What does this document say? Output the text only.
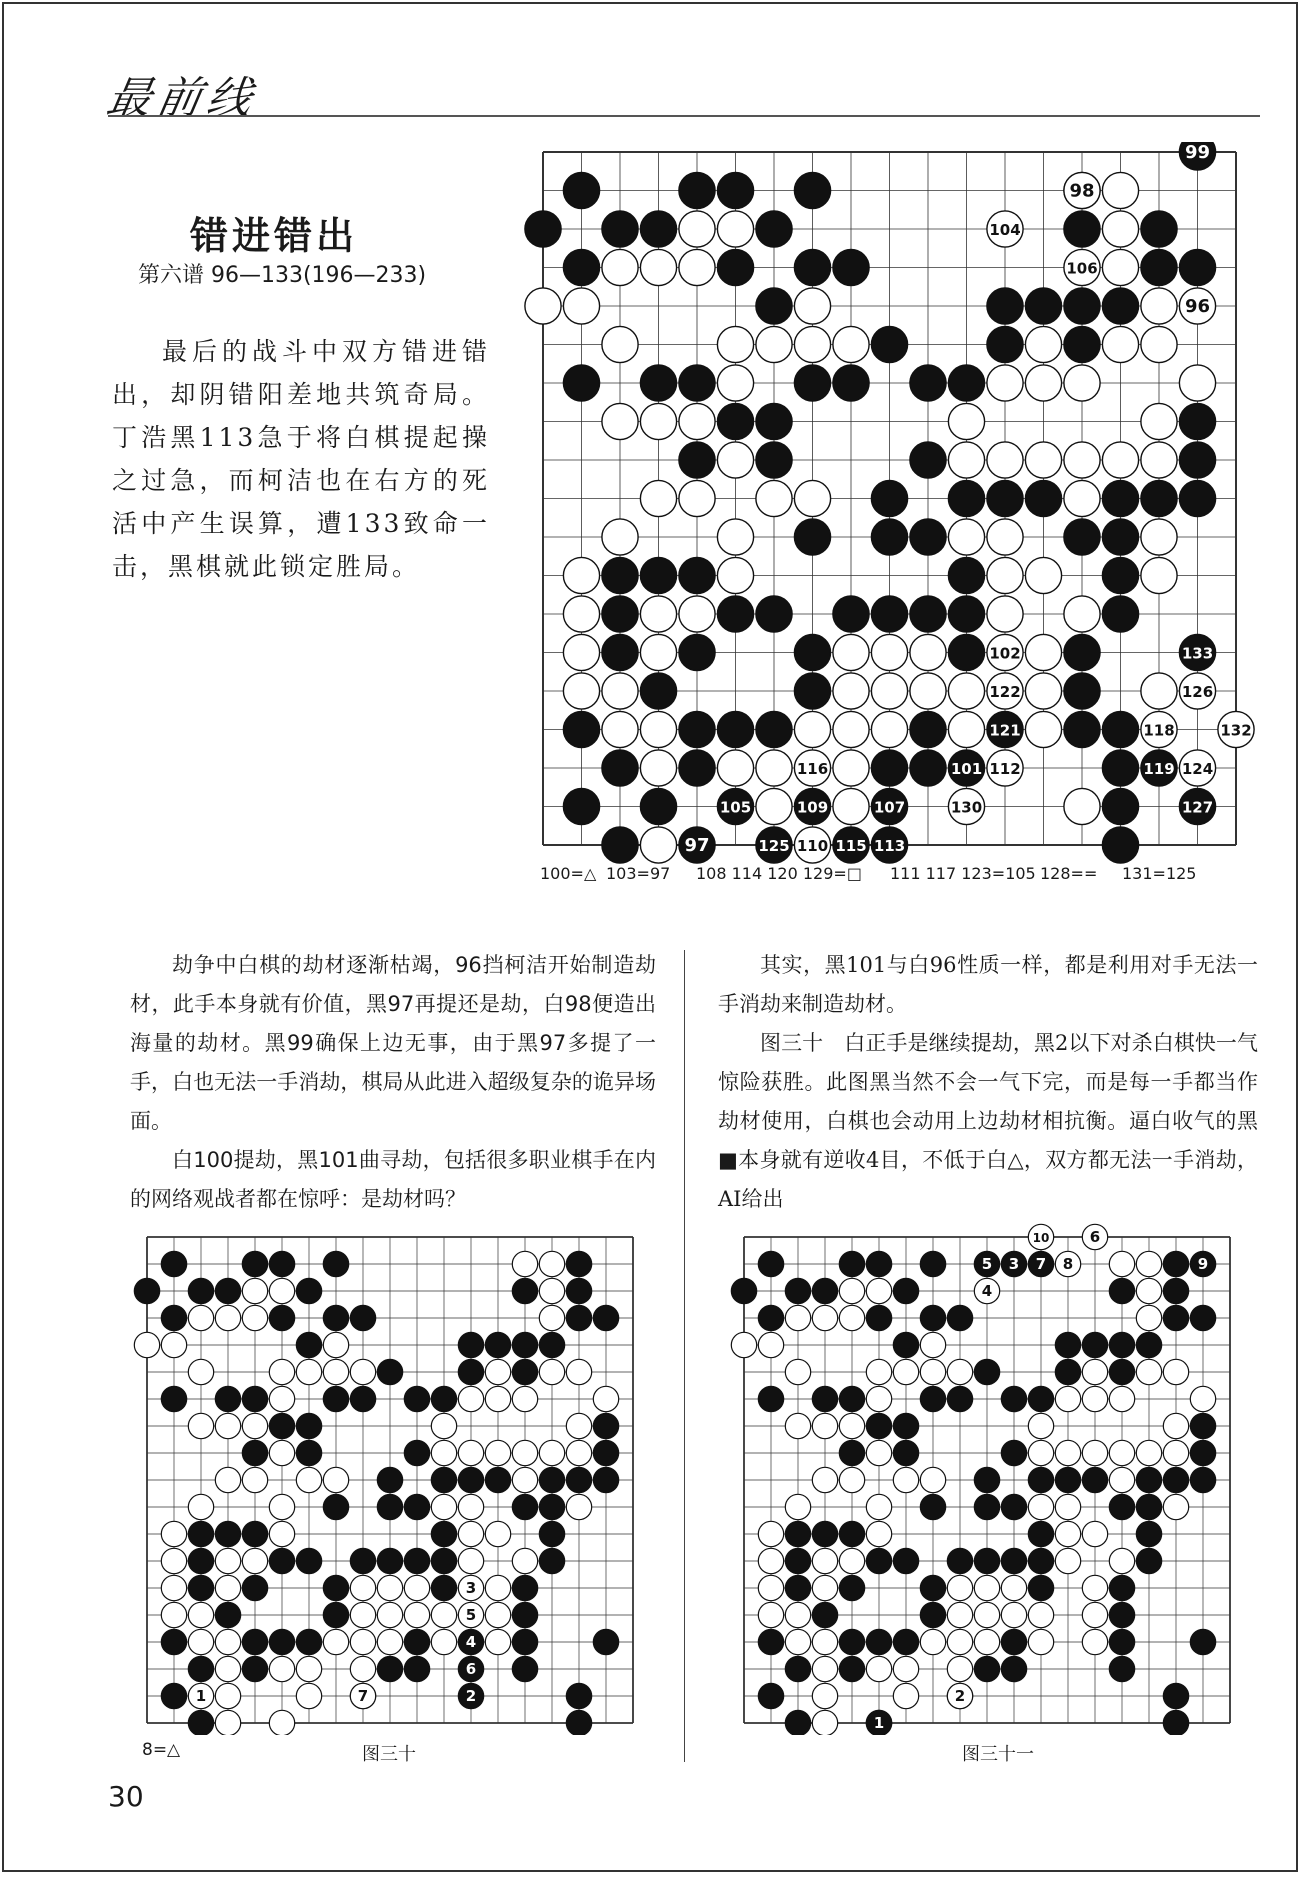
最前线
错进错出
第六谱 96—133(196—233)

最后的战斗中双方错进错出，却阴错阳差地共筑奇局。丁浩黑113急于将白棋提起操之过急，而柯洁也在右方的死活中产生误算，遭133致命一击，黑棋就此锁定胜局。

99
98
104
106
96
102	133
122	126
121	118	132
116	101 112	119 124
105	109	107	130	127
97	125 110 115 113
100=△ 103=97 108 114 120 129=□ 111 117 123=105 128== 131=125

劫争中白棋的劫材逐渐枯竭，96挡柯洁开始制造劫材，此手本身就有价值，黑97再提还是劫，白98便造出海量的劫材。黑99确保上边无事，由于黑97多提了一手，白也无法一手消劫，棋局从此进入超级复杂的诡异场面。

白100提劫，黑101曲寻劫，包括很多职业棋手在内的网络观战者都在惊呼：是劫材吗？

其实，黑101与白96性质一样，都是利用对手无法一手消劫来制造劫材。

图三十　白正手是继续提劫，黑2以下对杀白棋快一气惊险获胜。此图黑当然不会一气下完，而是每一手都当作劫材使用，白棋也会动用上边劫材相抗衡。逼白收气的黑■本身就有逆收4目，不低于白△，双方都无法一手消劫，AI给出

1	2
3
4
5
6
7
8=△	图三十
1
2
3
4
5
6
7 8	9
10
图三十一
30
